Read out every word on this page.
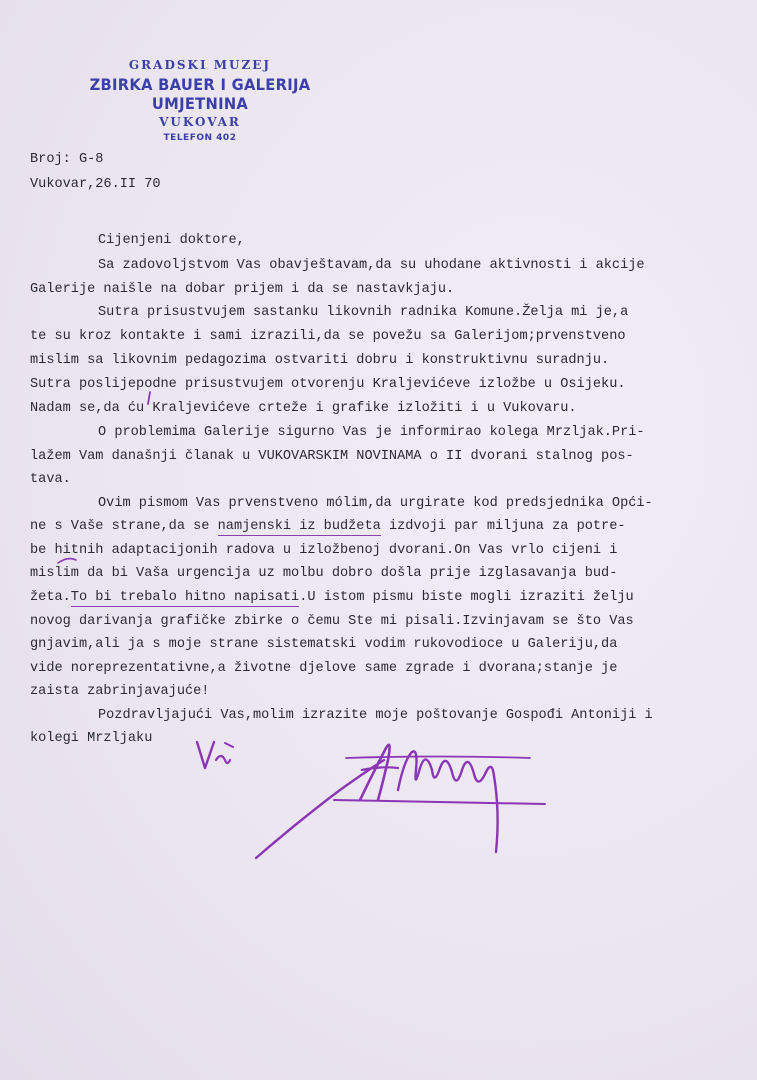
GRADSKI MUZEJ
ZBIRKA BAUER I GALERIJA UMJETNINA
VUKOVAR
TELEFON 402

Broj: G-8

Vukovar,26.II 70

Cijenjeni doktore,

Sa zadovoljstvom Vas obavještavam,da su uhodane aktivnosti i akcije

Galerije naišle na dobar prijem i da se nastavkjaju.

Sutra prisustvujem sastanku likovnih radnika Komune.Želja mi je,a

te su kroz kontakte i sami izrazili,da se povežu sa Galerijom;prvenstveno

mislim sa likovnim pedagozima ostvariti dobru i konstruktivnu suradnju.

Sutra poslijepodne prisustvujem otvorenju Kraljevićeve izložbe u Osijeku.

Nadam se,da ću Kraljevićeve crteže i grafike izložiti i u Vukovaru.

O problemima Galerije sigurno Vas je informirao kolega Mrzljak.Pri-

lažem Vam današnji članak u VUKOVARSKIM NOVINAMA o II dvorani stalnog pos-

tava.

Ovim pismom Vas prvenstveno mólim,da urgirate kod predsjednika Opći-

ne s Vaše strane,da se namjenski iz budžeta izdvoji par miljuna za potre-

be hitnih adaptacijonih radova u izložbenoj dvorani.On Vas vrlo cijeni i

mislim da bi Vaša urgencija uz molbu dobro došla prije izglasavanja bud-

žeta.To bi trebalo hitno napisati.U istom pismu biste mogli izraziti želju

novog darivanja grafičke zbirke o čemu Ste mi pisali.Izvinjavam se što Vas

gnjavim,ali ja s moje strane sistematski vodim rukovodioce u Galeriju,da

vide noreprezentativne,a životne djelove same zgrade i dvorana;stanje je

zaista zabrinjavajuće!

Pozdravljajući Vas,molim izrazite moje poštovanje Gospođi Antoniji i

kolegi Mrzljaku
